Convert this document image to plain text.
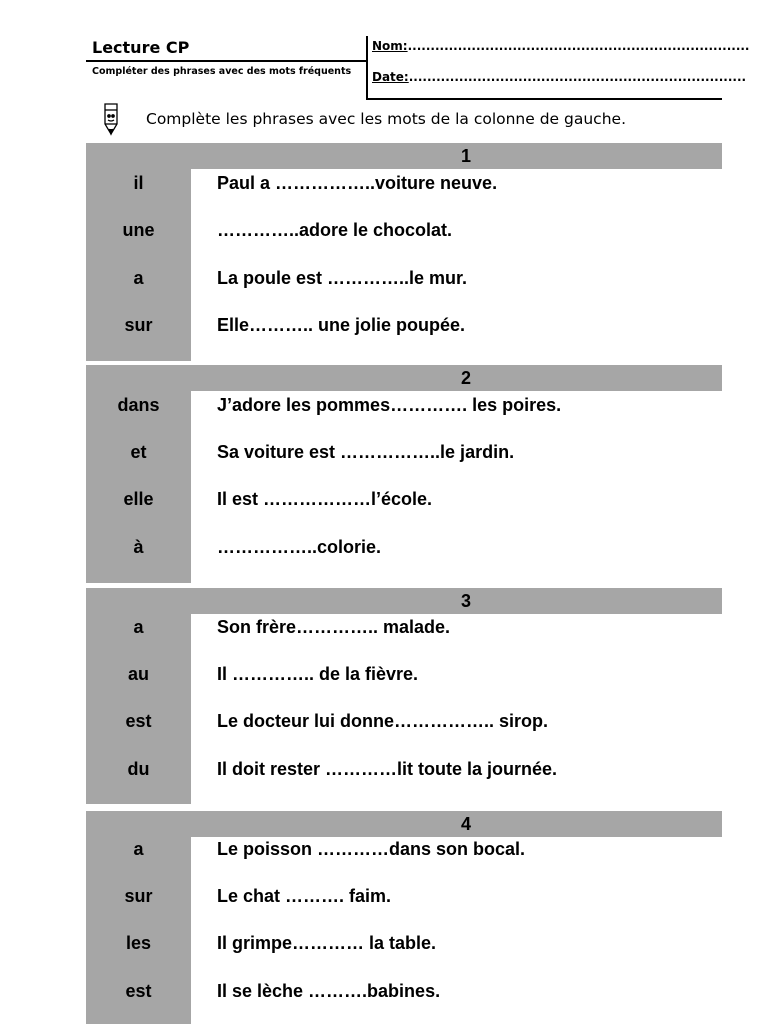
Lecture CP
Compléter des phrases avec des mots fréquents
Nom:...........................................................................
Date:..........................................................................
Complète les phrases avec les mots de la colonne de gauche.
1
il
une
a
sur
Paul a ……………..voiture neuve.
…………..adore le chocolat.
La poule est …………..le mur.
Elle……….. une jolie poupée.
2
dans
et
elle
à
J’adore les pommes…………. les poires.
Sa voiture est ……………..le jardin.
Il est ………………l’école.
……………..colorie.
3
a
au
est
du
Son frère………….. malade.
Il ………….. de la fièvre.
Le docteur lui donne…………….. sirop.
Il doit rester …………lit toute la journée.
4
a
sur
les
est
Le poisson …………dans son bocal.
Le chat ………. faim.
Il grimpe………… la table.
Il se lèche ……….babines.
